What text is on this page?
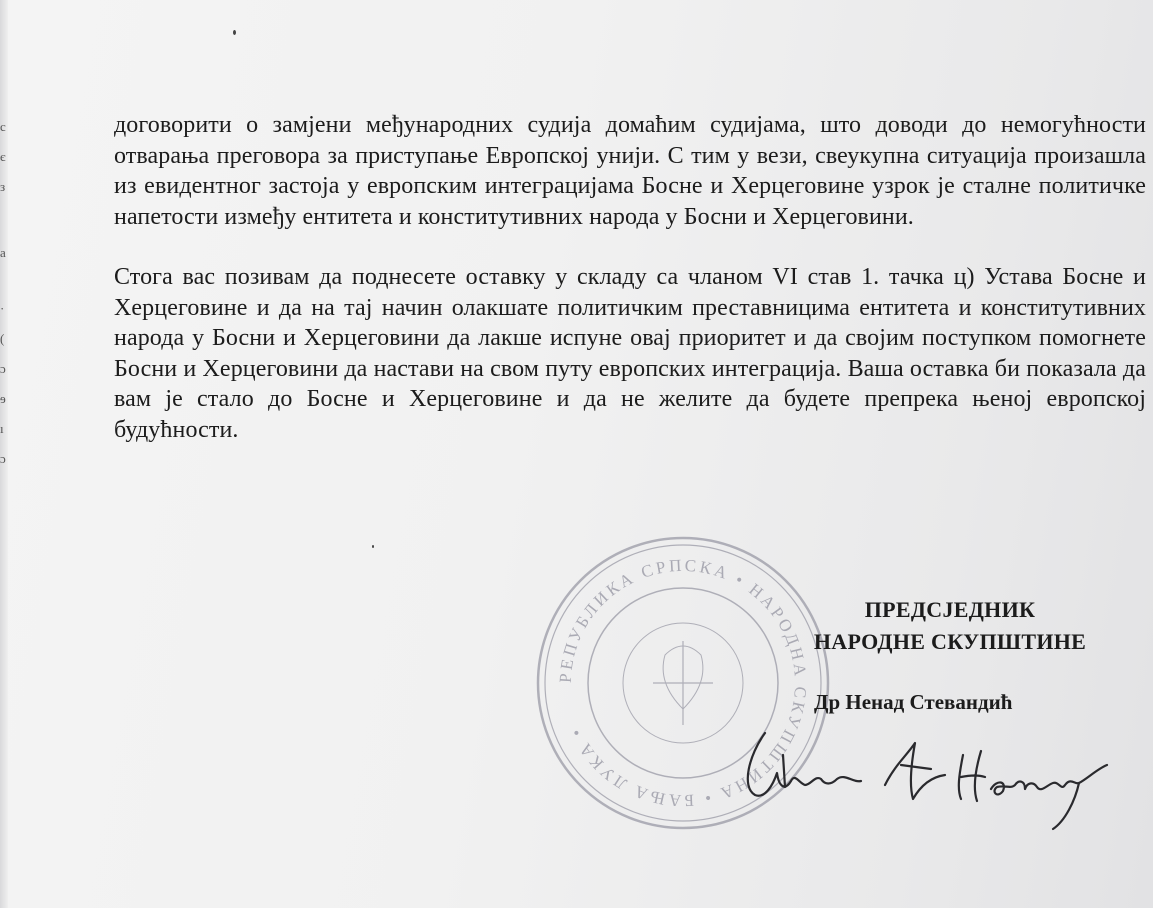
c
є
з
а
·
(
ɔ
ɘ
ı
ɔ

договорити о замјени међународних судија домаћим судијама, што доводи до немогућности отварања преговора за приступање Европској унији. С тим у вези, свеукупна ситуација произашла из евидентног застоја у европским интеграцијама Босне и Херцеговине узрок је сталне политичке напетости између ентитета и конститутивних народа у Босни и Херцеговини.

Стога вас позивам да поднесете оставку у складу са чланом VI став 1. тачка ц) Устава Босне и Херцеговине и да на тај начин олакшате политичким преставницима ентитета и конститутивних народа у Босни и Херцеговини да лакше испуне овај приоритет и да својим поступком помогнете Босни и Херцеговини да настави на свом путу европских интеграција. Ваша оставка би показала да вам је стало до Босне и Херцеговине и да не желите да будете препрека њеној европској будућности.

РЕПУБЛИКА СРПСКА • НАРОДНА СКУПШТИНА • БАЊА ЛУКА •
ПРЕДСЈЕДНИК
НАРОДНЕ СКУПШТИНЕ
Др Ненад Стевандић
